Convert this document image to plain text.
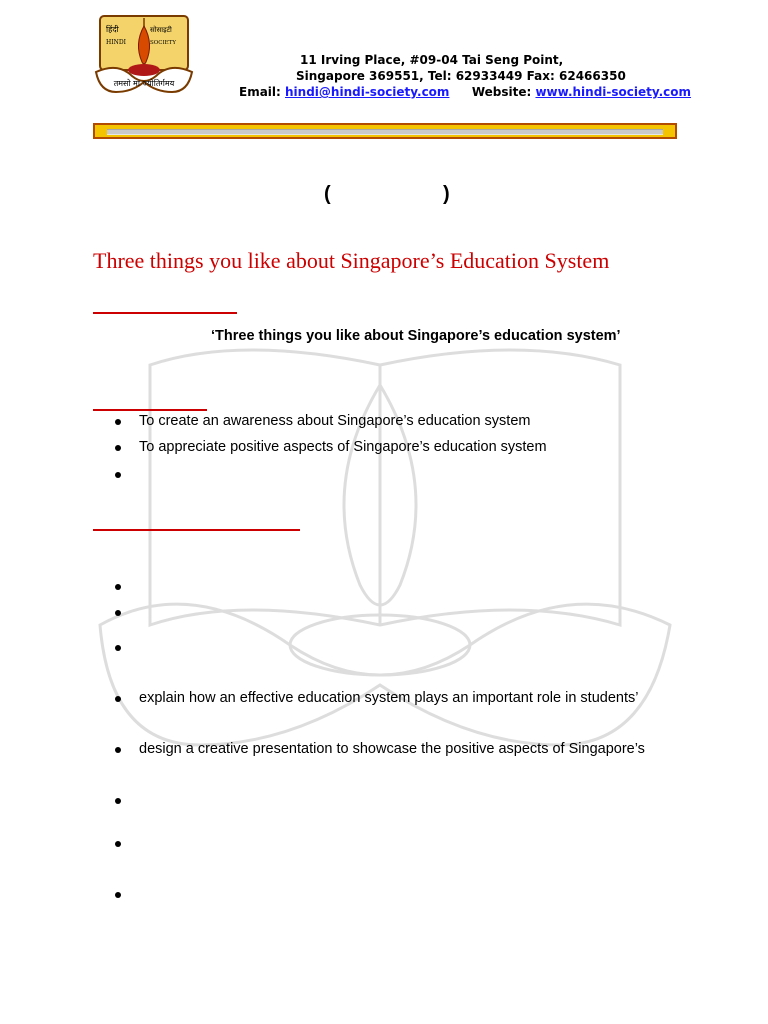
हिंदी
HINDI
सोसाइटी
SOCIETY
तमसो मा ज्योतिर्गमय
11 Irving Place, #09-04 Tai Seng Point,
Singapore 369551, Tel: 62933449 Fax: 62466350
Email: hindi@hindi-society.com Website: www.hindi-society.com
(	)
Three things you like about Singapore’s Education System
‘Three things you like about Singapore’s education system’
To create an awareness about Singapore’s education system
To appreciate positive aspects of Singapore’s education system
explain how an effective education system plays an important role in students’
design a creative presentation to showcase the positive aspects of Singapore’s
